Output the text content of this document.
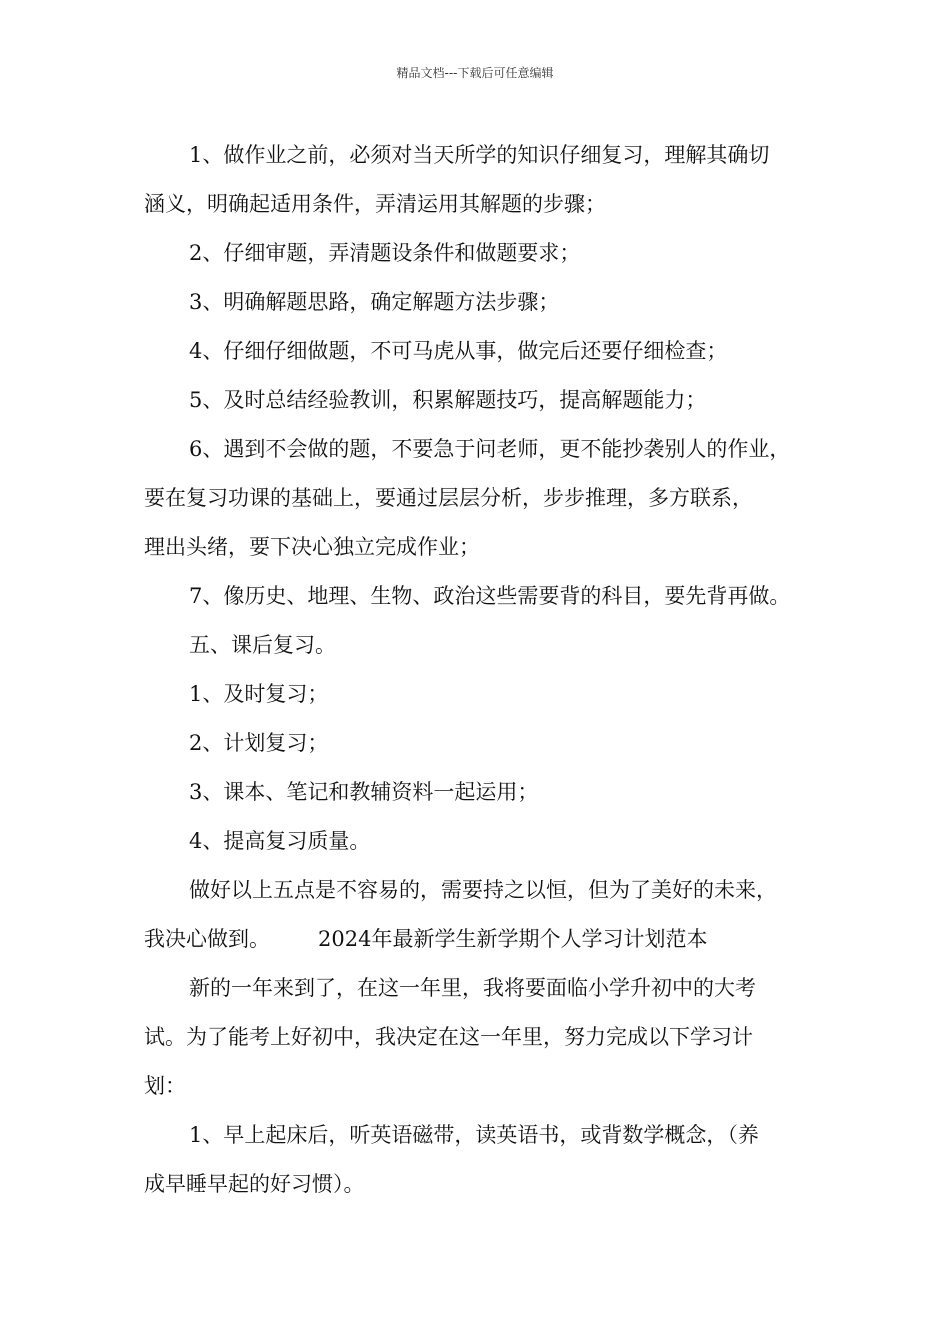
精品文档---下载后可任意编辑

1、做作业之前，必须对当天所学的知识仔细复习，理解其确切

涵义，明确起适用条件，弄清运用其解题的步骤；

2、仔细审题，弄清题设条件和做题要求；

3、明确解题思路，确定解题方法步骤；

4、仔细仔细做题，不可马虎从事，做完后还要仔细检查；

5、及时总结经验教训，积累解题技巧，提高解题能力；

6、遇到不会做的题，不要急于问老师，更不能抄袭别人的作业，

要在复习功课的基础上，要通过层层分析，步步推理，多方联系，

理出头绪，要下决心独立完成作业；

7、像历史、地理、生物、政治这些需要背的科目，要先背再做。

五、课后复习。

1、及时复习；

2、计划复习；

3、课本、笔记和教辅资料一起运用；

4、提高复习质量。

做好以上五点是不容易的，需要持之以恒，但为了美好的未来，

我决心做到。 2024年最新学生新学期个人学习计划范本

新的一年来到了，在这一年里，我将要面临小学升初中的大考

试。为了能考上好初中，我决定在这一年里，努力完成以下学习计

划：

1、早上起床后，听英语磁带，读英语书，或背数学概念，（养

成早睡早起的好习惯）。
